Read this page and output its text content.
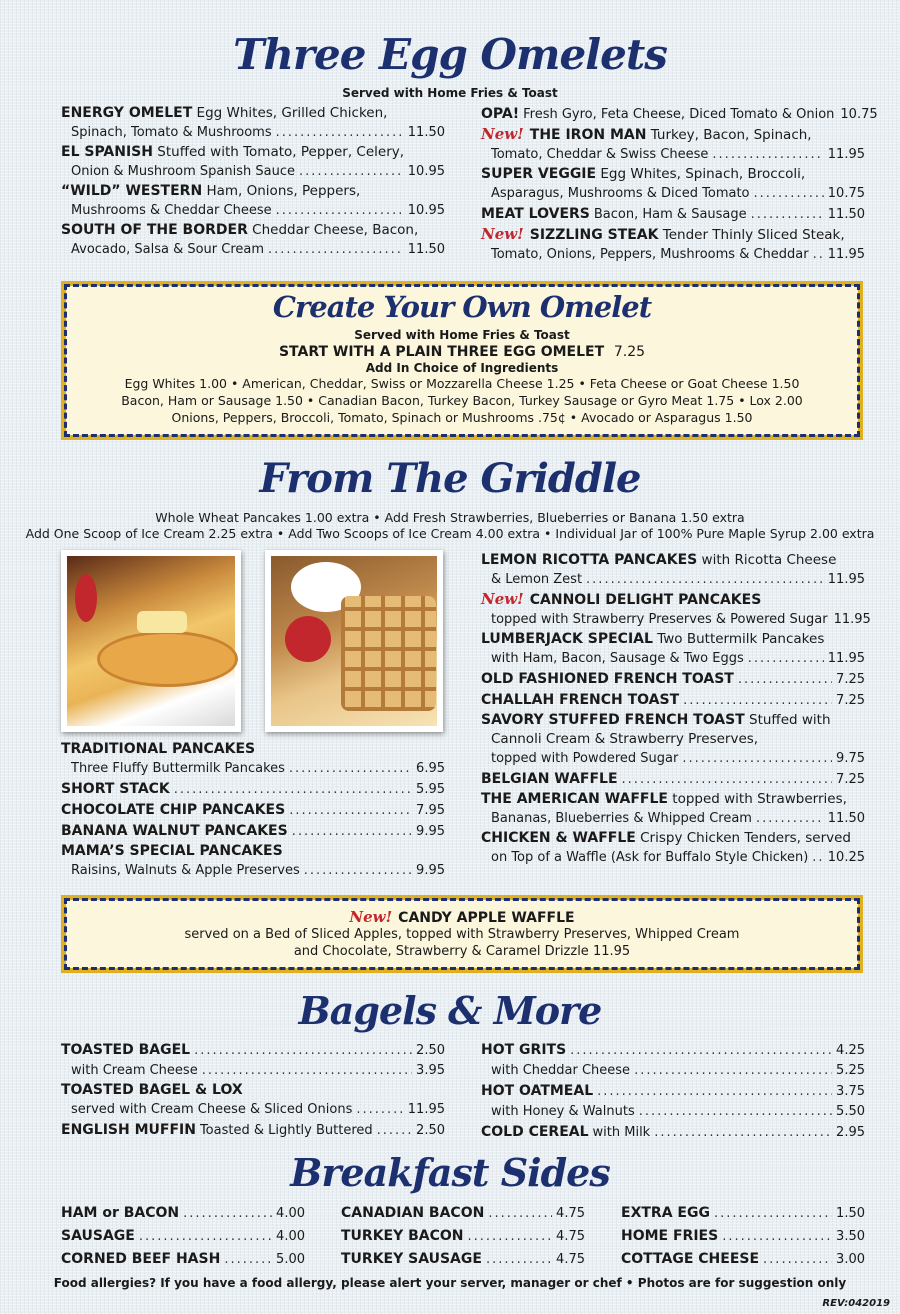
Three Egg Omelets
Served with Home Fries & Toast
ENERGY OMELET Egg Whites, Grilled Chicken,
Spinach, Tomato & Mushrooms .....	11.50
EL SPANISH Stuffed with Tomato, Pepper, Celery,
Onion & Mushroom Spanish Sauce .....	10.95
“WILD” WESTERN Ham, Onions, Peppers,
Mushrooms & Cheddar Cheese .....	10.95
SOUTH OF THE BORDER Cheddar Cheese, Bacon,
Avocado, Salsa & Sour Cream .....	11.50
OPA! Fresh Gyro, Feta Cheese, Diced Tomato & Onion 10.75
New! THE IRON MAN Turkey, Bacon, Spinach,
Tomato, Cheddar & Swiss Cheese .....	11.95
SUPER VEGGIE Egg Whites, Spinach, Broccoli,
Asparagus, Mushrooms & Diced Tomato .....	10.75
MEAT LOVERS Bacon, Ham & Sausage .....	11.50
New! SIZZLING STEAK Tender Thinly Sliced Steak,
Tomato, Onions, Peppers, Mushrooms & Cheddar ..... 11.95
Create Your Own Omelet
Served with Home Fries & Toast
START WITH A PLAIN THREE EGG OMELET 7.25
Add In Choice of Ingredients
Egg Whites 1.00 • American, Cheddar, Swiss or Mozzarella Cheese 1.25 • Feta Cheese or Goat Cheese 1.50
Bacon, Ham or Sausage 1.50 • Canadian Bacon, Turkey Bacon, Turkey Sausage or Gyro Meat 1.75 • Lox 2.00
Onions, Peppers, Broccoli, Tomato, Spinach or Mushrooms .75¢ • Avocado or Asparagus 1.50
From The Griddle
Whole Wheat Pancakes 1.00 extra • Add Fresh Strawberries, Blueberries or Banana 1.50 extra
Add One Scoop of Ice Cream 2.25 extra • Add Two Scoops of Ice Cream 4.00 extra • Individual Jar of 100% Pure Maple Syrup 2.00 extra
TRADITIONAL PANCAKES
Three Fluffy Buttermilk Pancakes .....	6.95
SHORT STACK .....	5.95
CHOCOLATE CHIP PANCAKES .....	7.95
BANANA WALNUT PANCAKES .....	9.95
MAMA’S SPECIAL PANCAKES
Raisins, Walnuts & Apple Preserves .....	9.95
LEMON RICOTTA PANCAKES with Ricotta Cheese
& Lemon Zest .....	11.95
New! CANNOLI DELIGHT PANCAKES
topped with Strawberry Preserves & Powered Sugar 11.95
LUMBERJACK SPECIAL Two Buttermilk Pancakes
with Ham, Bacon, Sausage & Two Eggs .....	11.95
OLD FASHIONED FRENCH TOAST .....	7.25
CHALLAH FRENCH TOAST .....	7.25
SAVORY STUFFED FRENCH TOAST Stuffed with
Cannoli Cream & Strawberry Preserves,
topped with Powdered Sugar .....	9.75
BELGIAN WAFFLE .....	7.25
THE AMERICAN WAFFLE topped with Strawberries,
Bananas, Blueberries & Whipped Cream .....	11.50
CHICKEN & WAFFLE Crispy Chicken Tenders, served
on Top of a Waffle (Ask for Buffalo Style Chicken) ..... 10.25
New! CANDY APPLE WAFFLE
served on a Bed of Sliced Apples, topped with Strawberry Preserves, Whipped Cream
and Chocolate, Strawberry & Caramel Drizzle 11.95
Bagels & More
TOASTED BAGEL .....	2.50
with Cream Cheese .....	3.95
TOASTED BAGEL & LOX
served with Cream Cheese & Sliced Onions .....	11.95
ENGLISH MUFFIN Toasted & Lightly Buttered .....	2.50
HOT GRITS .....	4.25
with Cheddar Cheese .....	5.25
HOT OATMEAL .....	3.75
with Honey & Walnuts .....	5.50
COLD CEREAL with Milk .....	2.95
Breakfast Sides
HAM or BACON .....	4.00
SAUSAGE .....	4.00
CORNED BEEF HASH .....	5.00
CANADIAN BACON .....	4.75
TURKEY BACON .....	4.75
TURKEY SAUSAGE .....	4.75
EXTRA EGG .....	1.50
HOME FRIES .....	3.50
COTTAGE CHEESE .....	3.00
Food allergies? If you have a food allergy, please alert your server, manager or chef • Photos are for suggestion only
REV:042019
